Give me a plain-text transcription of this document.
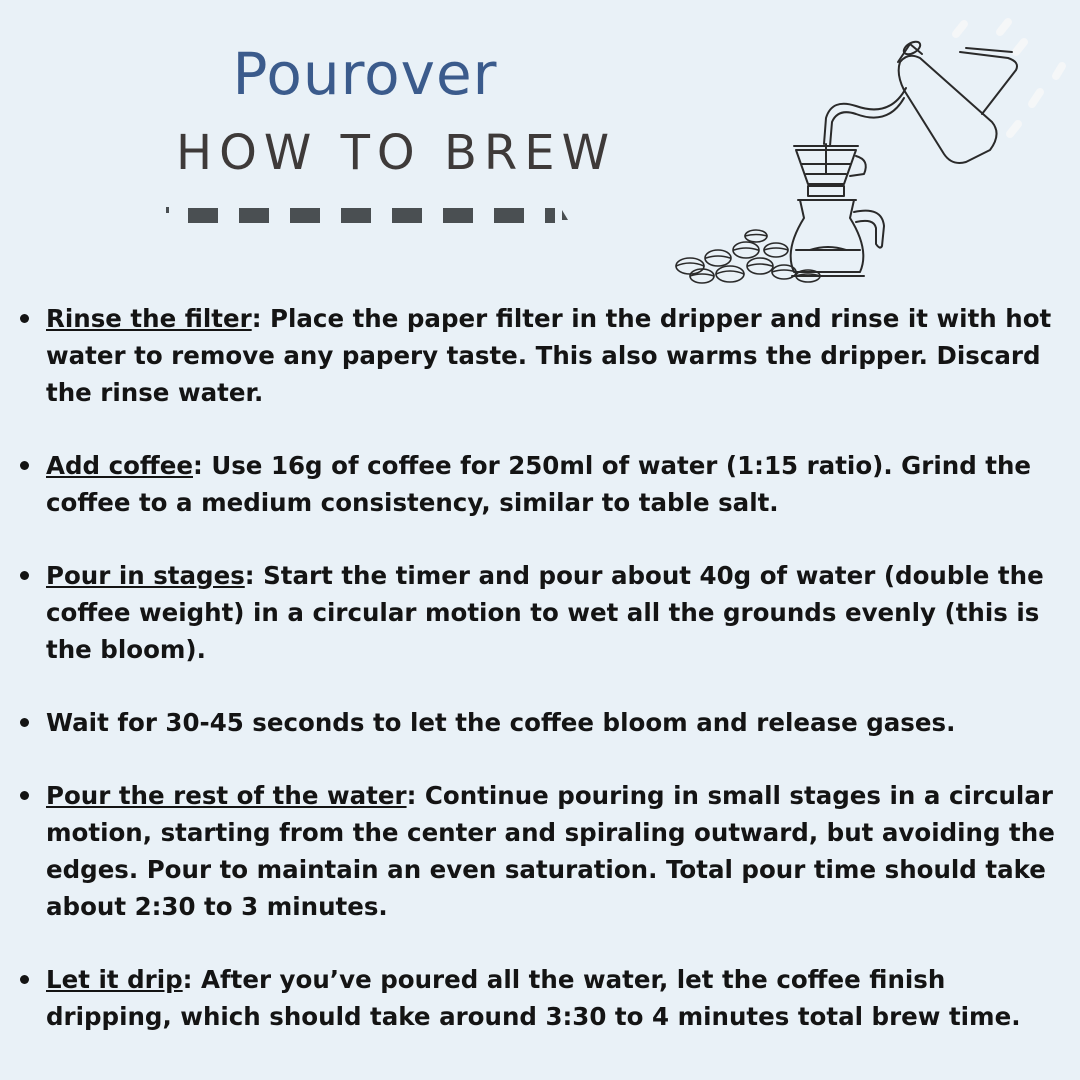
Pourover
HOW TO BREW
Rinse the filter: Place the paper filter in the dripper and rinse it with hot water to remove any papery taste. This also warms the dripper. Discard the rinse water.
Add coffee: Use 16g of coffee for 250ml of water (1:15 ratio). Grind the coffee to a medium consistency, similar to table salt.
Pour in stages: Start the timer and pour about 40g of water (double the coffee weight) in a circular motion to wet all the grounds evenly (this is the bloom).
Wait for 30-45 seconds to let the coffee bloom and release gases.
Pour the rest of the water: Continue pouring in small stages in a circular motion, starting from the center and spiraling outward, but avoiding the edges. Pour to maintain an even saturation. Total pour time should take about 2:30 to 3 minutes.
Let it drip: After you’ve poured all the water, let the coffee finish dripping, which should take around 3:30 to 4 minutes total brew time.
